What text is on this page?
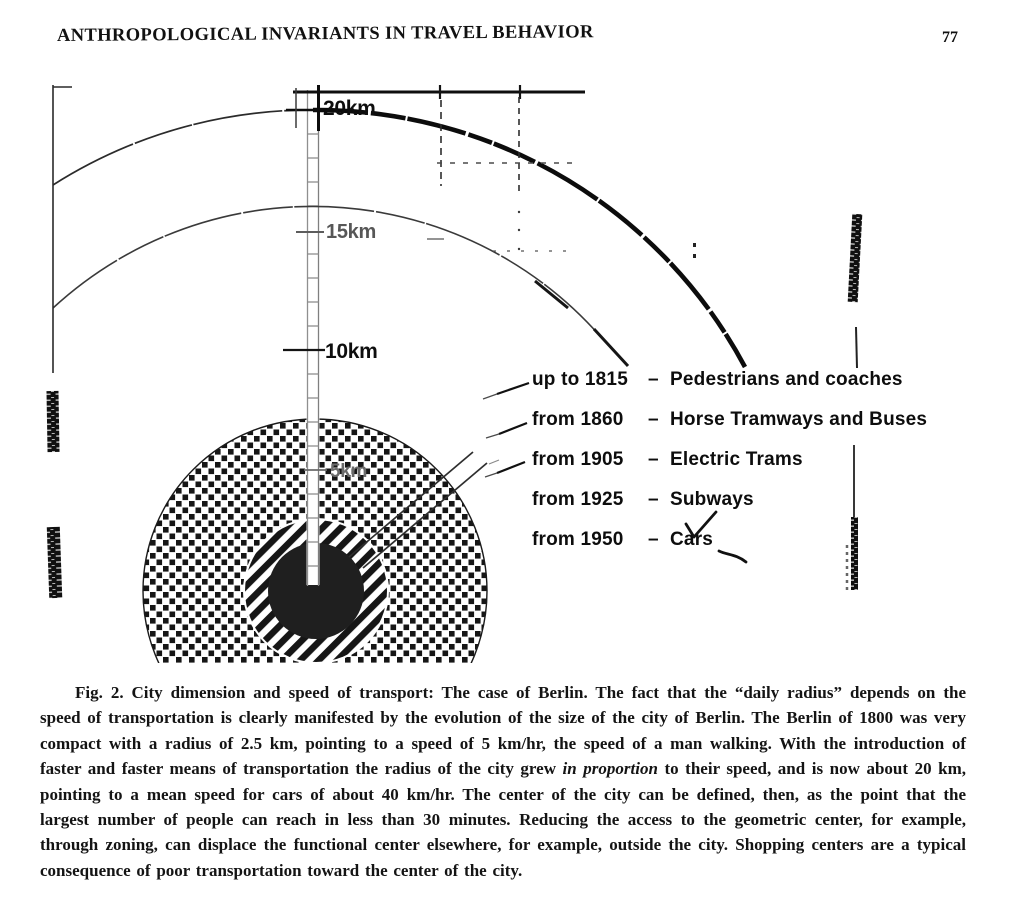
ANTHROPOLOGICAL INVARIANTS IN TRAVEL BEHAVIOR	77
20km
15km
10km
5km
up to 1815	– Pedestrians and coaches
from 1860	– Horse Tramways and Buses
from 1905	– Electric Trams
from 1925	– Subways
from 1950	– Cars
Fig. 2. City dimension and speed of transport: The case of Berlin. The fact that the “daily radius” depends on the speed of transportation is clearly manifested by the evolution of the size of the city of Berlin. The Berlin of 1800 was very compact with a radius of 2.5 km, pointing to a speed of 5 km/hr, the speed of a man walking. With the introduction of faster and faster means of transportation the radius of the city grew in proportion to their speed, and is now about 20 km, pointing to a mean speed for cars of about 40 km/hr. The center of the city can be defined, then, as the point that the largest number of people can reach in less than 30 minutes. Reducing the access to the geometric center, for example, through zoning, can displace the functional center elsewhere, for example, outside the city. Shopping centers are a typical consequence of poor transportation toward the center of the city.
